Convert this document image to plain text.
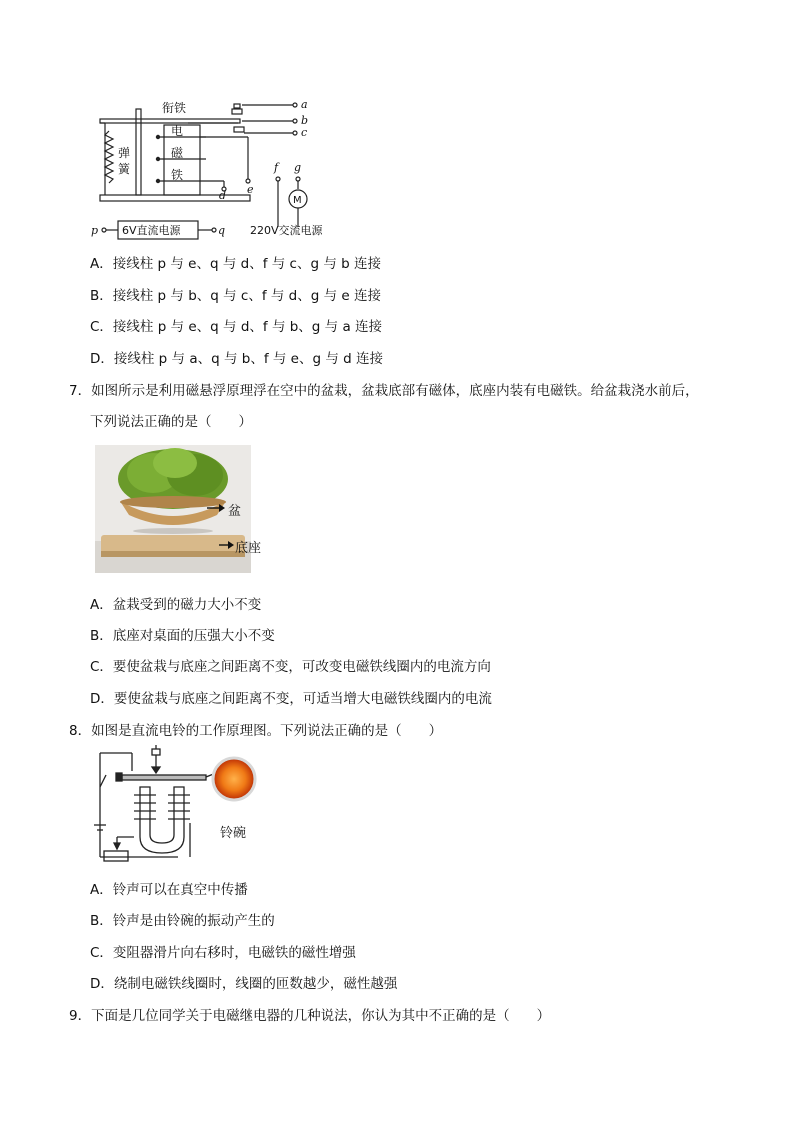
衔铁
弹
簧
电
磁
铁
a
b
c
d e
f g
M
p	q
6V直流电源	220V交流电源
A．接线柱 p 与 e、q 与 d、f 与 c、g 与 b 连接
B．接线柱 p 与 b、q 与 c、f 与 d、g 与 e 连接
C．接线柱 p 与 e、q 与 d、f 与 b、g 与 a 连接
D．接线柱 p 与 a、q 与 b、f 与 e、g 与 d 连接
7．如图所示是利用磁悬浮原理浮在空中的盆栽，盆栽底部有磁体，底座内装有电磁铁。给盆栽浇水前后，
下列说法正确的是（　　）
盆
底座
A．盆栽受到的磁力大小不变
B．底座对桌面的压强大小不变
C．要使盆栽与底座之间距离不变，可改变电磁铁线圈内的电流方向
D．要使盆栽与底座之间距离不变，可适当增大电磁铁线圈内的电流
8．如图是直流电铃的工作原理图。下列说法正确的是（　　）
铃碗
A．铃声可以在真空中传播
B．铃声是由铃碗的振动产生的
C．变阻器滑片向右移时，电磁铁的磁性增强
D．绕制电磁铁线圈时，线圈的匝数越少，磁性越强
9．下面是几位同学关于电磁继电器的几种说法，你认为其中不正确的是（　　）
